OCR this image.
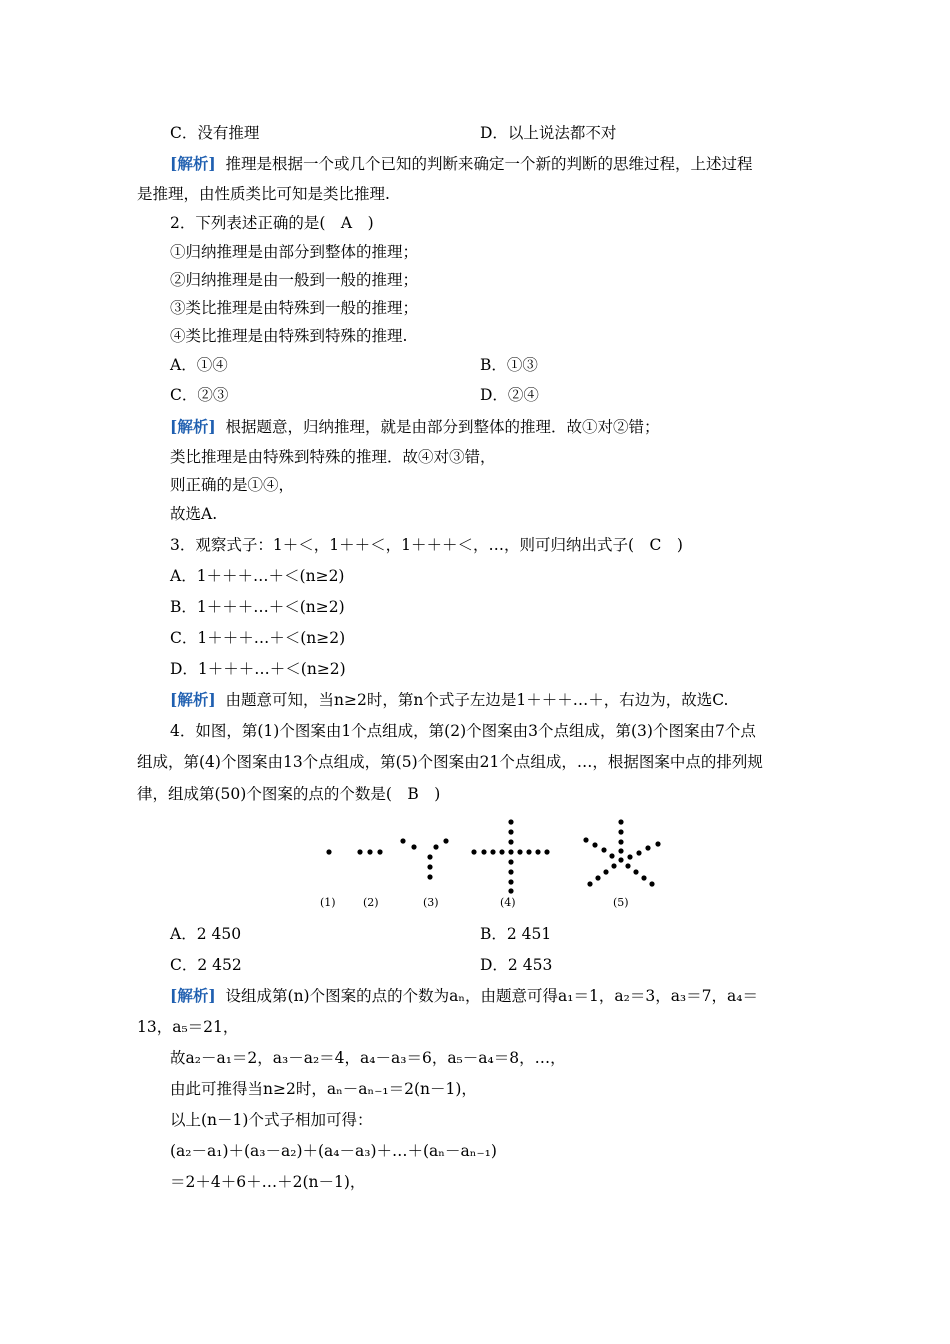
C．没有推理	D．以上说法都不对
[解析] 推理是根据一个或几个已知的判断来确定一个新的判断的思维过程，上述过程
是推理，由性质类比可知是类比推理.
2．下列表述正确的是(　A　)
①归纳推理是由部分到整体的推理；
②归纳推理是由一般到一般的推理；
③类比推理是由特殊到一般的推理；
④类比推理是由特殊到特殊的推理.
A．①④	B．①③
C．②③	D．②④
[解析] 根据题意，归纳推理，就是由部分到整体的推理．故①对②错；
类比推理是由特殊到特殊的推理．故④对③错，
则正确的是①④，
故选A.
3．观察式子：1＋＜，1＋＋＜，1＋＋＋＜，…，则可归纳出式子(　C　)
A．1＋＋＋…＋＜(n≥2)
B．1＋＋＋…＋＜(n≥2)
C．1＋＋＋…＋＜(n≥2)
D．1＋＋＋…＋＜(n≥2)
[解析] 由题意可知，当n≥2时，第n个式子左边是1＋＋＋…＋，右边为，故选C.
4．如图，第(1)个图案由1个点组成，第(2)个图案由3个点组成，第(3)个图案由7个点
组成，第(4)个图案由13个点组成，第(5)个图案由21个点组成，…，根据图案中点的排列规
律，组成第(50)个图案的点的个数是(　B　)
(1) (2)	(3)	(4)	(5)
A．2 450	B．2 451
C．2 452	D．2 453
[解析] 设组成第(n)个图案的点的个数为aₙ，由题意可得a₁＝1，a₂＝3，a₃＝7，a₄＝
13，a₅＝21，
故a₂－a₁＝2，a₃－a₂＝4，a₄－a₃＝6，a₅－a₄＝8，…，
由此可推得当n≥2时，aₙ－aₙ₋₁＝2(n－1)，
以上(n－1)个式子相加可得：
(a₂－a₁)＋(a₃－a₂)＋(a₄－a₃)＋…＋(aₙ－aₙ₋₁)
＝2＋4＋6＋…＋2(n－1)，
